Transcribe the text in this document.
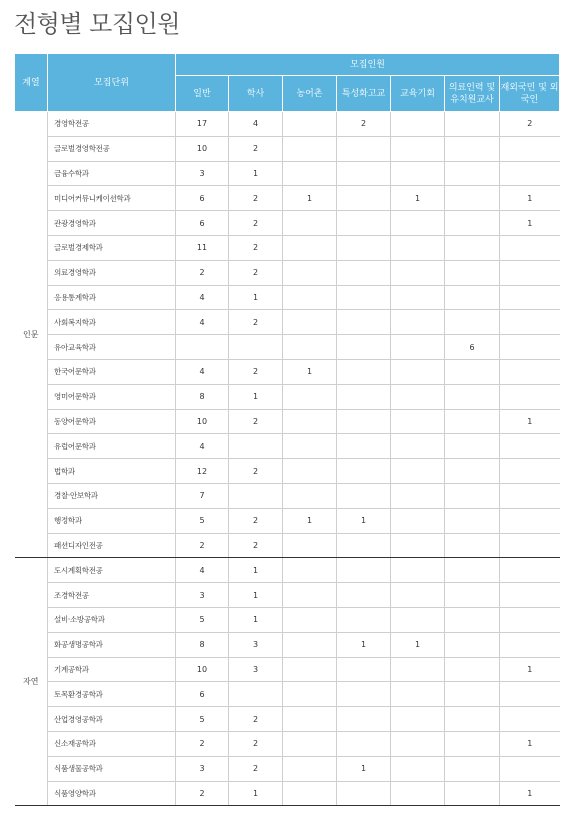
전형별 모집인원
계열	모집단위	모집인원						
		일반	학사	농어촌	특성화고교	교육기회	의료인력 및 유치원교사	재외국민 및 외국인
인문	경영학전공	17	4		2			2
	글로벌경영학전공	10	2					
	금융수학과	3	1					
	미디어커뮤니케이션학과	6	2	1		1		1
	관광경영학과	6	2					1
	글로벌경제학과	11	2					
	의료경영학과	2	2					
	응용통계학과	4	1					
	사회복지학과	4	2					
	유아교육학과						6	
	한국어문학과	4	2	1				
	영미어문학과	8	1					
	동양어문학과	10	2					1
	유럽어문학과	4						
	법학과	12	2					
	경찰·안보학과	7						
	행정학과	5	2	1	1			
	패션디자인전공	2	2					
자연	도시계획학전공	4	1					
	조경학전공	3	1					
	설비·소방공학과	5	1					
	화공생명공학과	8	3		1	1		
	기계공학과	10	3					1
	토목환경공학과	6						
	산업경영공학과	5	2					
	신소재공학과	2	2					1
	식품생물공학과	3	2		1			
	식품영양학과	2	1					1
